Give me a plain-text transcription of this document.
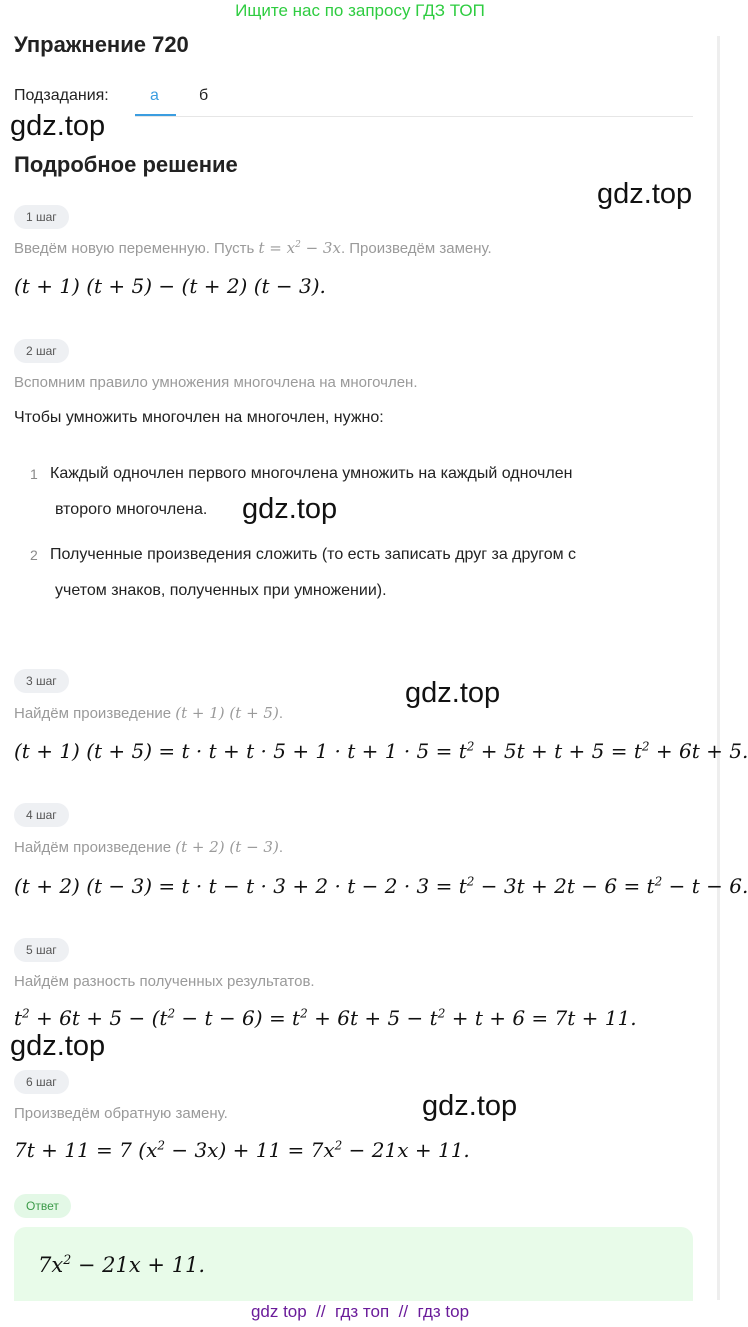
Ищите нас по запросу ГДЗ ТОП
Упражнение 720
Подзадания:	а	б
gdz.top
Подробное решение
gdz.top
1 шаг
Введём новую переменную. Пусть $t = x^2 - 3x$. Произведём замену.
(t + 1) (t + 5) − (t + 2) (t − 3).
2 шаг
Вспомним правило умножения многочлена на многочлен.
Чтобы умножить многочлен на многочлен, нужно:
1 Каждый одночлен первого многочлена умножить на каждый одночлен
второго многочлена.	gdz.top
2 Полученные произведения сложить (то есть записать друг за другом с
учетом знаков, полученных при умножении).
3 шаг	gdz.top
Найдём произведение (t + 1) (t + 5).
(t + 1) $(t + 5) = t \cdot t + t \cdot 5 + 1 \cdot t + 1 \cdot 5 = t^2 + 5t + t + 5 = t^2 + 6t + 5$.
4 шаг
Найдём произведение (t + 2) (t − 3).
(t + 2) $(t - 3) = t \cdot t - t \cdot 3 + 2 \cdot t - 2 \cdot 3 = t^2 - 3t + 2t - 6 = t^2 - t - 6$.
5 шаг
Найдём разность полученных результатов.
$t^2 + 6t + 5 - (t^2 - t - 6) = t^2 + 6t + 5 - t^2 + t + 6 = 7t + 11$.
gdz.top
6 шаг
gdz.top
Произведём обратную замену.
7t + 11 = 7 $(x^2 - 3x) + 11 = 7x^2 - 21x + 11$.
Ответ
$7x^2 - 21x + 11$.
gdz top  //  гдз топ  //  гдз top
